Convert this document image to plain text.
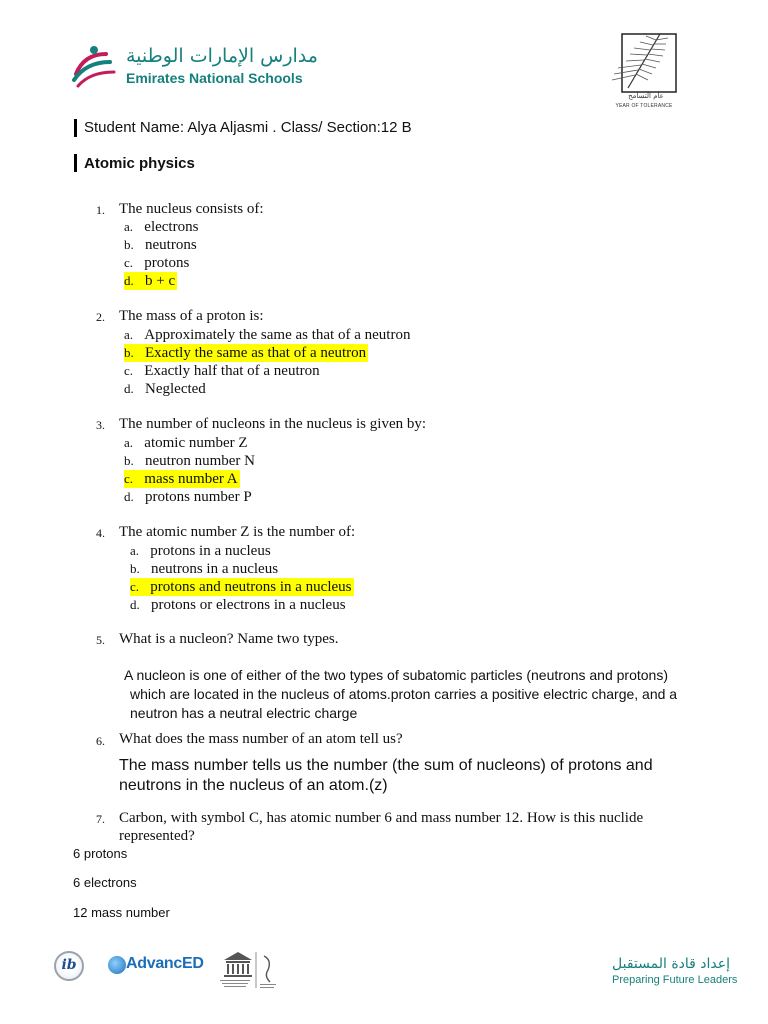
مدارس الإمارات الوطنية
Emirates National Schools
عام التسامح
YEAR OF TOLERANCE
Student Name: Alya Aljasmi . Class/ Section:12 B
Atomic physics
1. The nucleus consists of:
a. electrons
b. neutrons
c. protons
d. b + c
2. The mass of a proton is:
a. Approximately the same as that of a neutron
b. Exactly the same as that of a neutron
c. Exactly half that of a neutron
d. Neglected
3. The number of nucleons in the nucleus is given by:
a. atomic number Z
b. neutron number N
c. mass number A
d. protons number P
4. The atomic number Z is the number of:
a. protons in a nucleus
b. neutrons in a nucleus
c. protons and neutrons in a nucleus
d. protons or electrons in a nucleus
5. What is a nucleon? Name two types.
A nucleon is one of either of the two types of subatomic particles (neutrons and protons)
which are located in the nucleus of atoms.proton carries a positive electric charge, and a
neutron has a neutral electric charge
6. What does the mass number of an atom tell us?
The mass number tells us the number (the sum of nucleons) of protons and
neutrons in the nucleus of an atom.(z)
7. Carbon, with symbol C, has atomic number 6 and mass number 12. How is this nuclide
represented?
6 protons
6 electrons
12 mass number
ib	AdvancED	إعداد قادة المستقبل
Preparing Future Leaders
